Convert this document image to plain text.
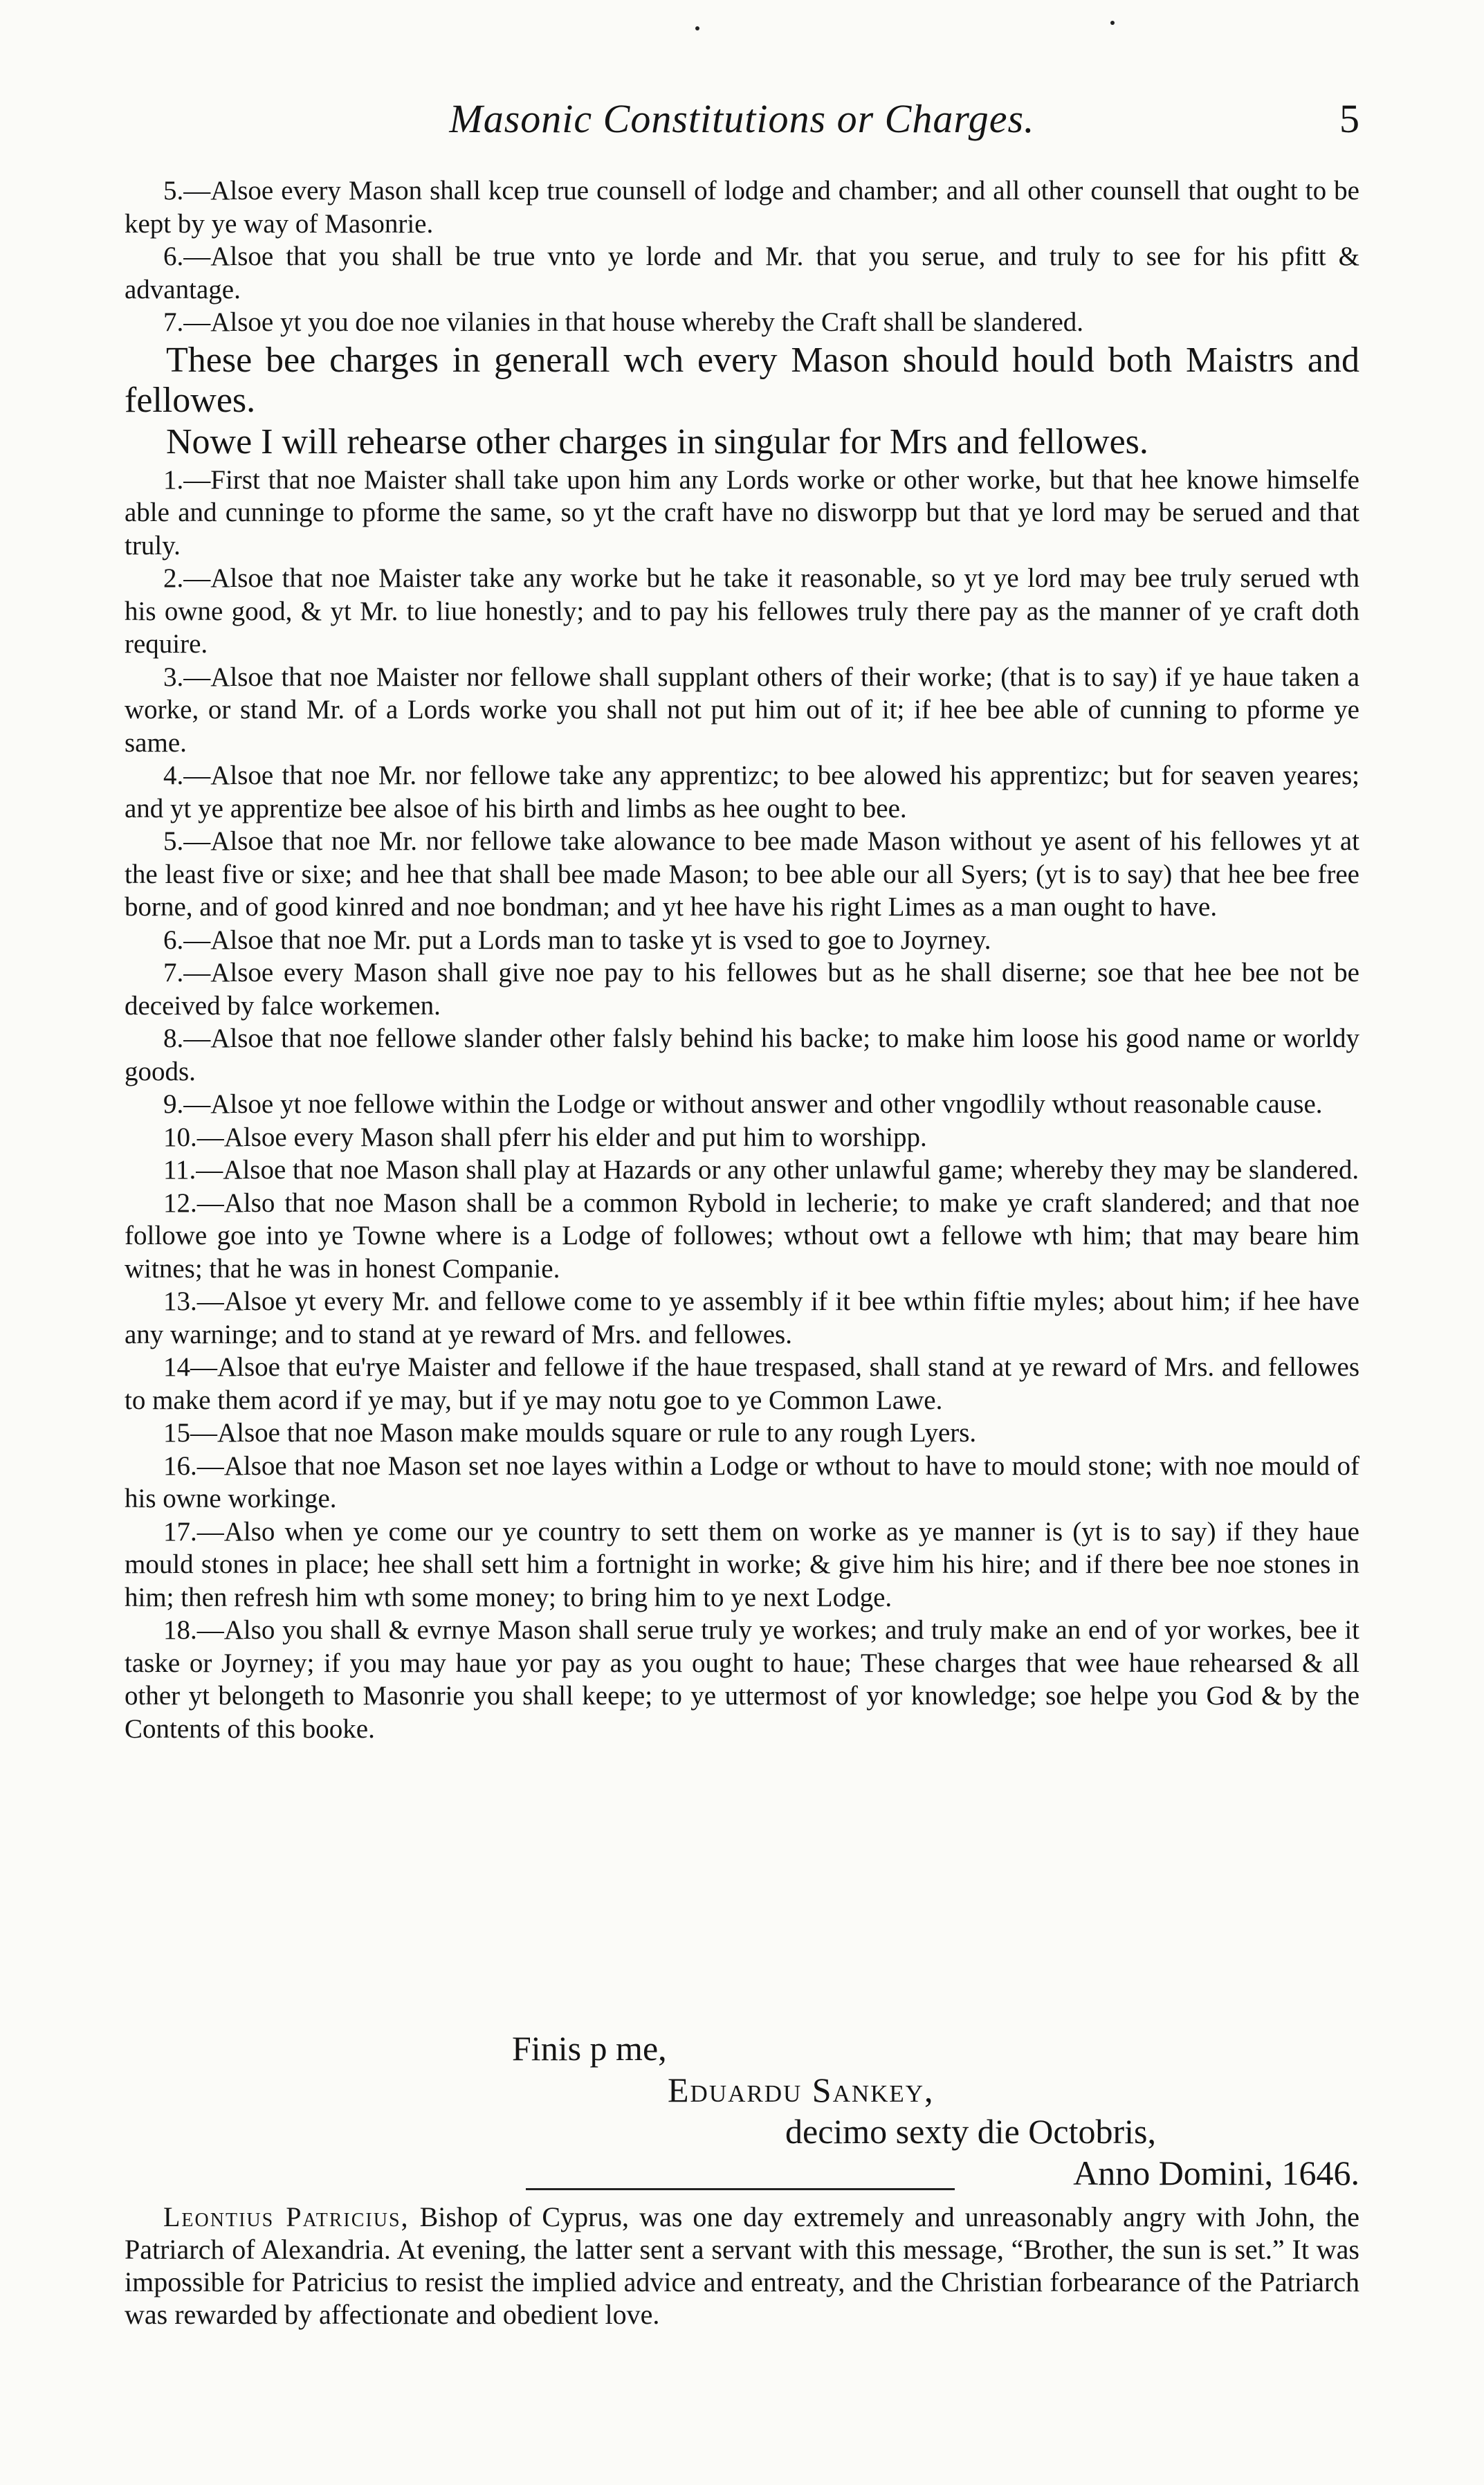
Masonic Constitutions or Charges.	5

5.—Alsoe every Mason shall kcep true counsell of lodge and chamber; and all other counsell that ought to be kept by ye way of Masonrie.

6.—Alsoe that you shall be true vnto ye lorde and Mr. that you serue, and truly to see for his pfitt & advantage.

7.—Alsoe yt you doe noe vilanies in that house whereby the Craft shall be slandered.

These bee charges in generall wch every Mason should hould both Maistrs and fellowes.

Nowe I will rehearse other charges in singular for Mrs and fellowes.

1.—First that noe Maister shall take upon him any Lords worke or other worke, but that hee knowe himselfe able and cunninge to pforme the same, so yt the craft have no disworpp but that ye lord may be serued and that truly.

2.—Alsoe that noe Maister take any worke but he take it reasonable, so yt ye lord may bee truly serued wth his owne good, & yt Mr. to liue honestly; and to pay his fellowes truly there pay as the manner of ye craft doth require.

3.—Alsoe that noe Maister nor fellowe shall supplant others of their worke; (that is to say) if ye haue taken a worke, or stand Mr. of a Lords worke you shall not put him out of it; if hee bee able of cunning to pforme ye same.

4.—Alsoe that noe Mr. nor fellowe take any apprentizc; to bee alowed his apprentizc; but for seaven yeares; and yt ye apprentize bee alsoe of his birth and limbs as hee ought to bee.

5.—Alsoe that noe Mr. nor fellowe take alowance to bee made Mason without ye asent of his fellowes yt at the least five or sixe; and hee that shall bee made Mason; to bee able our all Syers; (yt is to say) that hee bee free borne, and of good kinred and noe bondman; and yt hee have his right Limes as a man ought to have.

6.—Alsoe that noe Mr. put a Lords man to taske yt is vsed to goe to Joyrney.

7.—Alsoe every Mason shall give noe pay to his fellowes but as he shall diserne; soe that hee bee not be deceived by falce workemen.

8.—Alsoe that noe fellowe slander other falsly behind his backe; to make him loose his good name or worldy goods.

9.—Alsoe yt noe fellowe within the Lodge or without answer and other vngodlily wthout reasonable cause.

10.—Alsoe every Mason shall pferr his elder and put him to worshipp.

11.—Alsoe that noe Mason shall play at Hazards or any other unlawful game; whereby they may be slandered.

12.—Also that noe Mason shall be a common Rybold in lecherie; to make ye craft slandered; and that noe followe goe into ye Towne where is a Lodge of followes; wthout owt a fellowe wth him; that may beare him witnes; that he was in honest Companie.

13.—Alsoe yt every Mr. and fellowe come to ye assembly if it bee wthin fiftie myles; about him; if hee have any warninge; and to stand at ye reward of Mrs. and fellowes.

14—Alsoe that eu'rye Maister and fellowe if the haue trespased, shall stand at ye reward of Mrs. and fellowes to make them acord if ye may, but if ye may notu goe to ye Common Lawe.

15—Alsoe that noe Mason make moulds square or rule to any rough Lyers.

16.—Alsoe that noe Mason set noe layes within a Lodge or wthout to have to mould stone; with noe mould of his owne workinge.

17.—Also when ye come our ye country to sett them on worke as ye manner is (yt is to say) if they haue mould stones in place; hee shall sett him a fortnight in worke; & give him his hire; and if there bee noe stones in him; then refresh him wth some money; to bring him to ye next Lodge.

18.—Also you shall & evrnye Mason shall serue truly ye workes; and truly make an end of yor workes, bee it taske or Joyrney; if you may haue yor pay as you ought to haue; These charges that wee haue rehearsed & all other yt belongeth to Masonrie you shall keepe; to ye uttermost of yor knowledge; soe helpe you God & by the Contents of this booke.

Finis p me,
Eduardu Sankey,
decimo sexty die Octobris,
Anno Domini, 1646.

Leontius Patricius, Bishop of Cyprus, was one day extremely and unreasonably angry with John, the Patriarch of Alexandria. At evening, the latter sent a servant with this message, “Brother, the sun is set.” It was impossible for Patricius to resist the implied advice and entreaty, and the Christian forbearance of the Patriarch was rewarded by affectionate and obedient love.
